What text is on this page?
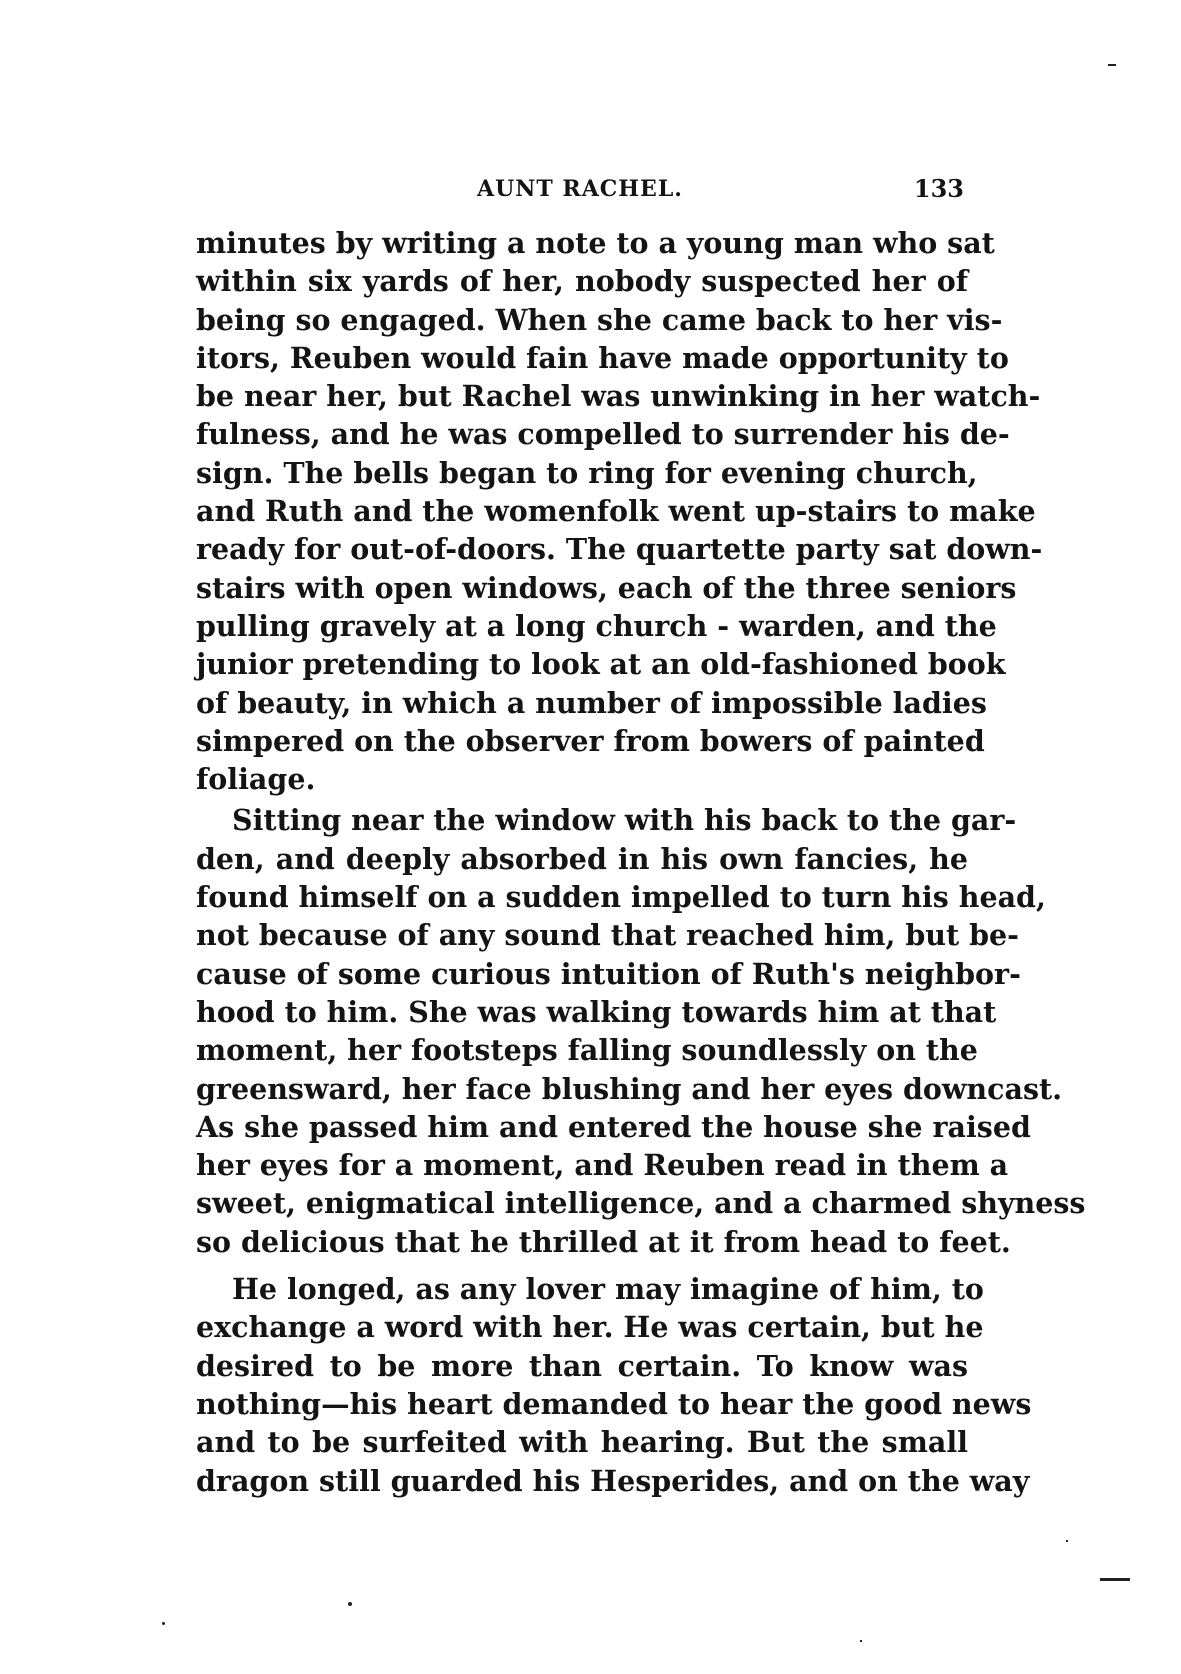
AUNT RACHEL.	133
minutes by writing a note to a young man who sat
within six yards of her, nobody suspected her of
being so engaged. When she came back to her vis-
itors, Reuben would fain have made opportunity to
be near her, but Rachel was unwinking in her watch-
fulness, and he was compelled to surrender his de-
sign. The bells began to ring for evening church,
and Ruth and the womenfolk went up-stairs to make
ready for out-of-doors. The quartette party sat down-
stairs with open windows, each of the three seniors
pulling gravely at a long church - warden, and the
junior pretending to look at an old-fashioned book
of beauty, in which a number of impossible ladies
simpered on the observer from bowers of painted
foliage.
Sitting near the window with his back to the gar-
den, and deeply absorbed in his own fancies, he
found himself on a sudden impelled to turn his head,
not because of any sound that reached him, but be-
cause of some curious intuition of Ruth's neighbor-
hood to him. She was walking towards him at that
moment, her footsteps falling soundlessly on the
greensward, her face blushing and her eyes downcast.
As she passed him and entered the house she raised
her eyes for a moment, and Reuben read in them a
sweet, enigmatical intelligence, and a charmed shyness
so delicious that he thrilled at it from head to feet.
He longed, as any lover may imagine of him, to
exchange a word with her. He was certain, but he
desired to be more than certain. To know was
nothing—his heart demanded to hear the good news
and to be surfeited with hearing. But the small
dragon still guarded his Hesperides, and on the way
